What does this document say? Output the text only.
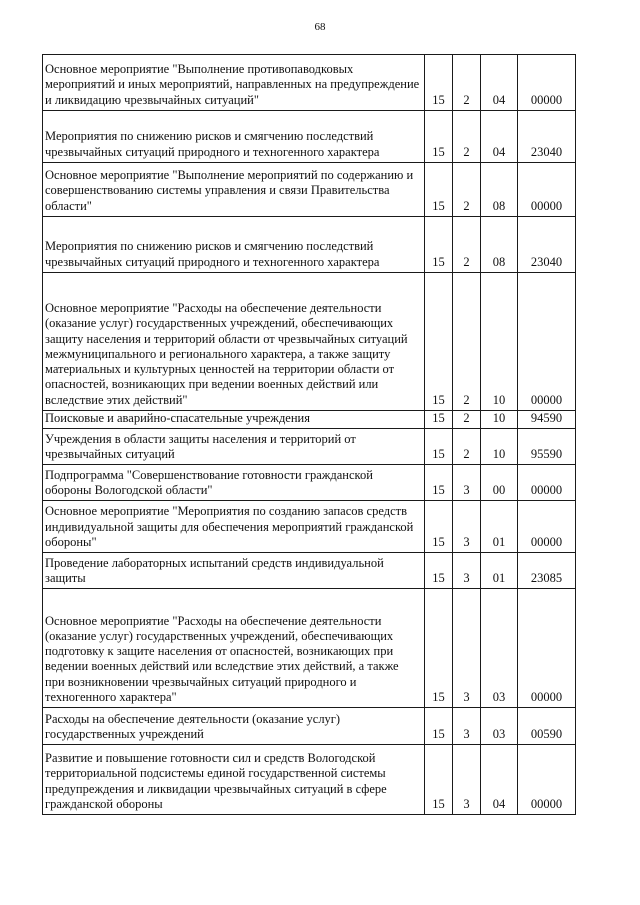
68
Основное мероприятие "Выполнение противопаводковых мероприятий и иных мероприятий, направленных на предупреждение и ликвидацию чрезвычайных ситуаций"	15	2	04	00000
Мероприятия по снижению рисков и смягчению последствий чрезвычайных ситуаций природного и техногенного характера	15	2	04	23040
Основное мероприятие "Выполнение мероприятий по содержанию и совершенствованию системы управления и связи Правительства области"	15	2	08	00000
Мероприятия по снижению рисков и смягчению последствий чрезвычайных ситуаций природного и техногенного характера	15	2	08	23040
Основное мероприятие "Расходы на обеспечение деятельности (оказание услуг) государственных учреждений, обеспечивающих защиту населения и территорий области от чрезвычайных ситуаций межмуниципального и регионального характера, а также защиту материальных и культурных ценностей на территории области от опасностей, возникающих при ведении военных действий или вследствие этих действий"	15	2	10	00000
Поисковые и аварийно-спасательные учреждения	15	2	10	94590
Учреждения в области защиты населения и территорий от чрезвычайных ситуаций	15	2	10	95590
Подпрограмма "Совершенствование готовности гражданской обороны Вологодской области"	15	3	00	00000
Основное мероприятие "Мероприятия по созданию запасов средств индивидуальной защиты для обеспечения мероприятий гражданской обороны"	15	3	01	00000
Проведение лабораторных испытаний средств индивидуальной защиты	15	3	01	23085
Основное мероприятие "Расходы на обеспечение деятельности (оказание услуг) государственных учреждений, обеспечивающих подготовку к защите населения от опасностей, возникающих при ведении военных действий или вследствие этих действий, а также при возникновении чрезвычайных ситуаций природного и техногенного характера"	15	3	03	00000
Расходы на обеспечение деятельности (оказание услуг) государственных учреждений	15	3	03	00590
Развитие и повышение готовности сил и средств Вологодской территориальной подсистемы единой государственной системы предупреждения и ликвидации чрезвычайных ситуаций в сфере гражданской обороны	15	3	04	00000
